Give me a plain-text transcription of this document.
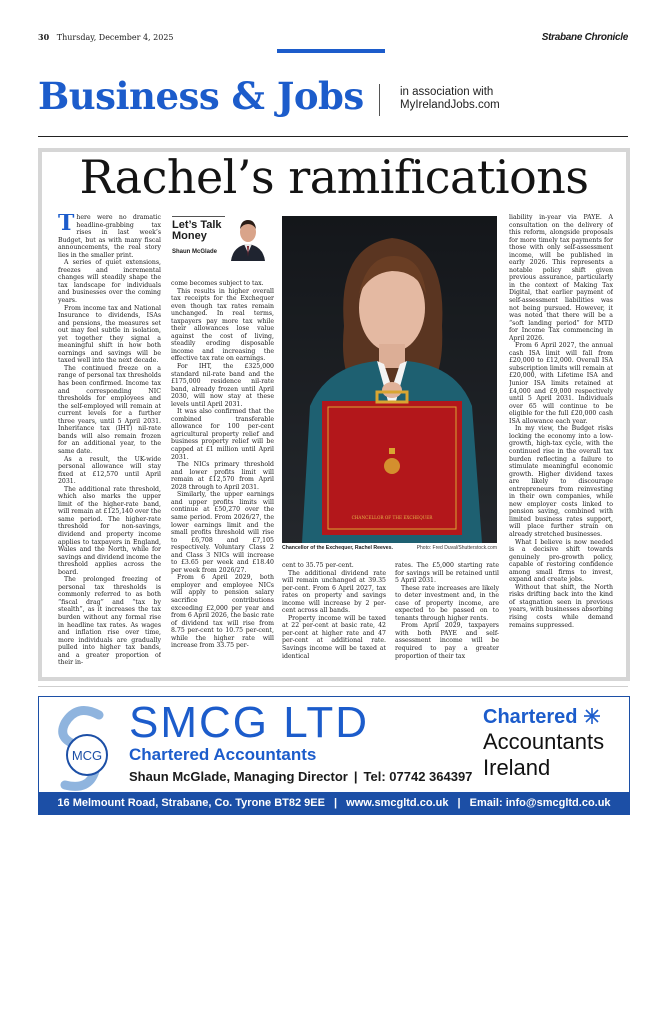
30 Thursday, December 4, 2025	Strabane Chronicle
Business & Jobs	in association with
MyIrelandJobs.com
Rachel’s ramifications

There were no dramatic headline-grabbing tax rises in last week’s Budget, but as with many fiscal announcements, the real story lies in the smaller print.

A series of quiet extensions, freezes and incremental changes will steadily shape the tax landscape for individuals and businesses over the coming years.

From income tax and National Insurance to dividends, ISAs and pensions, the measures set out may feel subtle in isolation, yet together they signal a meaningful shift in how both earnings and savings will be taxed well into the next decade.

The continued freeze on a range of personal tax thresholds has been confirmed. Income tax and corresponding NIC thresholds for employees and the self-employed will remain at current levels for a further three years, until 5 April 2031. Inheritance tax (IHT) nil-rate bands will also remain frozen for an additional year, to the same date.

As a result, the UK-wide personal allowance will stay fixed at £12,570 until April 2031.

The additional rate threshold, which also marks the upper limit of the higher-rate band, will remain at £125,140 over the same period. The higher-rate threshold for non-savings, dividend and property income applies to taxpayers in England, Wales and the North, while for savings and dividend income the threshold applies across the board.

The prolonged freezing of personal tax thresholds is commonly referred to as both “fiscal drag” and “tax by stealth”, as it increases the tax burden without any formal rise in headline tax rates. As wages and inflation rise over time, more individuals are gradually pulled into higher tax bands, and a greater proportion of their in-

Let’s Talk Money
Shaun McGlade

come becomes subject to tax.

This results in higher overall tax receipts for the Exchequer even though tax rates remain unchanged. In real terms, taxpayers pay more tax while their allowances lose value against the cost of living, steadily eroding disposable income and increasing the effective tax rate on earnings.

For IHT, the £325,000 standard nil-rate band and the £175,000 residence nil-rate band, already frozen until April 2030, will now stay at these levels until April 2031.

It was also confirmed that the combined transferable allowance for 100 per-cent agricultural property relief and business property relief will be capped at £1 million until April 2031.

The NICs primary threshold and lower profits limit will remain at £12,570 from April 2028 through to April 2031.

Similarly, the upper earnings and upper profits limits will continue at £50,270 over the same period. From 2026/27, the lower earnings limit and the small profits threshold will rise to £6,708 and £7,105 respectively. Voluntary Class 2 and Class 3 NICs will increase to £3.65 per week and £18.40 per week from 2026/27.

From 6 April 2029, both employer and employee NICs will apply to pension salary sacrifice contributions exceeding £2,000 per year and from 6 April 2026, the basic rate of dividend tax will rise from 8.75 per-cent to 10.75 per-cent, while the higher rate will increase from 33.75 per-

CHANCELLOR OF THE EXCHEQUER
Chancellor of the Exchequer, Rachel Reeves.	Photo: Fred Duval/Shutterstock.com

cent to 35.75 per-cent.

The additional dividend rate will remain unchanged at 39.35 per-cent. From 6 April 2027, tax rates on property and savings income will increase by 2 per-cent across all bands.

Property income will be taxed at 22 per-cent at basic rate, 42 per-cent at higher rate and 47 per-cent at additional rate. Savings income will be taxed at identical

rates. The £5,000 starting rate for savings will be retained until 5 April 2031.

These rate increases are likely to deter investment and, in the case of property income, are expected to be passed on to tenants through higher rents.

From April 2029, taxpayers with both PAYE and self-assessment income will be required to pay a greater proportion of their tax

liability in-year via PAYE. A consultation on the delivery of this reform, alongside proposals for more timely tax payments for those with only self-assessment income, will be published in early 2026. This represents a notable policy shift given previous assurance, particularly in the context of Making Tax Digital, that earlier payment of self-assessment liabilities was not being pursued. However, it was noted that there will be a “soft landing period” for MTD for Income Tax commencing in April 2026.

From 6 April 2027, the annual cash ISA limit will fall from £20,000 to £12,000. Overall ISA subscription limits will remain at £20,000, with Lifetime ISA and Junior ISA limits retained at £4,000 and £9,000 respectively until 5 April 2031. Individuals over 65 will continue to be eligible for the full £20,000 cash ISA allowance each year.

In my view, the Budget risks locking the economy into a low-growth, high-tax cycle, with the continued rise in the overall tax burden reflecting a failure to stimulate meaningful economic growth. Higher dividend taxes are likely to discourage entrepreneurs from reinvesting in their own companies, while new employer costs linked to pension saving, combined with limited business rates support, will place further strain on already stretched businesses.

What I believe is now needed is a decisive shift towards genuinely pro-growth policy, capable of restoring confidence among small firms to invest, expand and create jobs.

Without that shift, the North risks drifting back into the kind of stagnation seen in previous years, with businesses absorbing rising costs while demand remains suppressed.

MCG
SMCG LTD
Chartered Accountants
Shaun McGlade, Managing Director | Tel: 07742 364397
Chartered
Accountants
Ireland
16 Melmount Road, Strabane, Co. Tyrone BT82 9EE | www.smcgltd.co.uk | Email: info@smcgltd.co.uk
